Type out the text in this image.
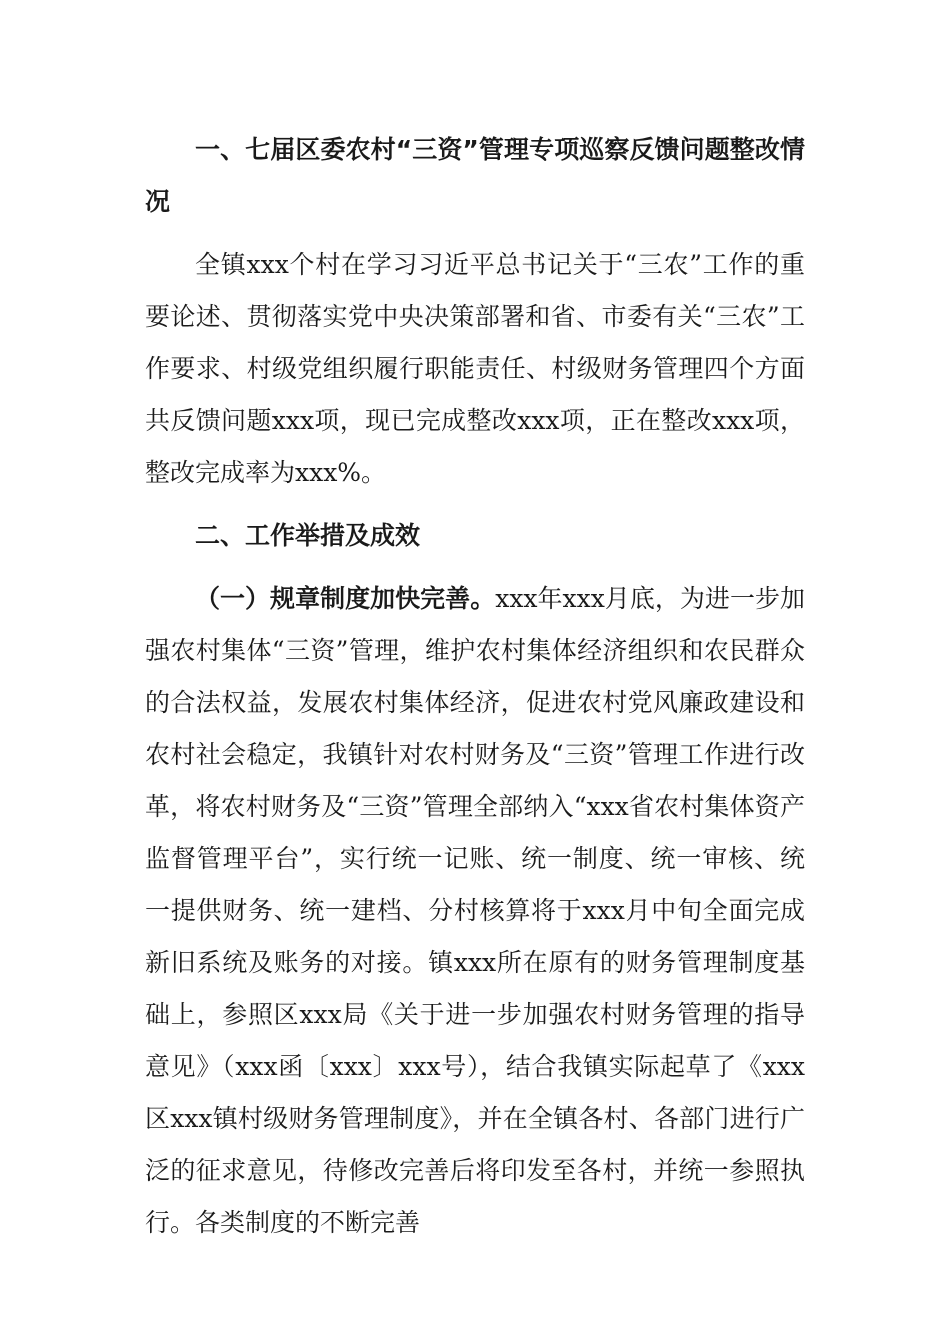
一、七届区委农村“三资”管理专项巡察反馈问题整改情况

全镇xxx个村在学习习近平总书记关于“三农”工作的重要论述、贯彻落实党中央决策部署和省、市委有关“三农”工作要求、村级党组织履行职能责任、村级财务管理四个方面共反馈问题xxx项，现已完成整改xxx项，正在整改xxx项，整改完成率为xxx%。

二、工作举措及成效

（一）规章制度加快完善。xxx年xxx月底，为进一步加强农村集体“三资”管理，维护农村集体经济组织和农民群众的合法权益，发展农村集体经济，促进农村党风廉政建设和农村社会稳定，我镇针对农村财务及“三资”管理工作进行改革，将农村财务及“三资”管理全部纳入“xxx省农村集体资产监督管理平台”，实行统一记账、统一制度、统一审核、统一提供财务、统一建档、分村核算将于xxx月中旬全面完成新旧系统及账务的对接。镇xxx所在原有的财务管理制度基础上，参照区xxx局《关于进一步加强农村财务管理的指导意见》（xxx函〔xxx〕xxx号），结合我镇实际起草了《xxx区xxx镇村级财务管理制度》，并在全镇各村、各部门进行广泛的征求意见，待修改完善后将印发至各村，并统一参照执行。各类制度的不断完善
